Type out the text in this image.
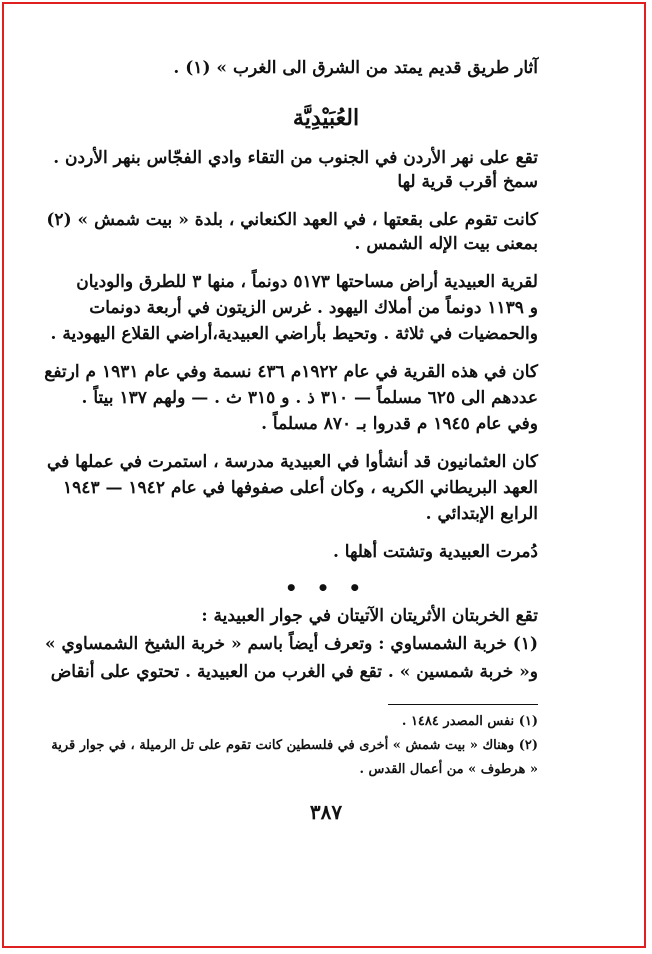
آثار طريق قديم يمتد من الشرق الى الغرب » (١) .
العُبَيْدِيَّة
تقع على نهر الأردن في الجنوب من التقاء وادي الفجّاس بنهر الأردن .
سمخ أقرب قرية لها
كانت تقوم على بقعتها ، في العهد الكنعاني ، بلدة « بيت شمش » (٢)
بمعنى بيت الإله الشمس .
لقرية العبيدية أراض مساحتها ٥١٧٣ دونماً ، منها ٣ للطرق والوديان
و ١١٣٩ دونماً من أملاك اليهود . غرس الزيتون في أربعة دونمات
والحمضيات في ثلاثة . وتحيط بأراضي العبيدية،أراضي القلاع اليهودية .
كان في هذه القرية في عام ١٩٢٢م ٤٣٦ نسمة وفي عام ١٩٣١ م ارتفع
عددهم الى ٦٢٥ مسلماً — ٣١٠ ذ . و ٣١٥ ث . — ولهم ١٣٧ بيتاً .
وفي عام ١٩٤٥ م قدروا بـ ٨٧٠ مسلماً .
كان العثمانيون قد أنشأوا في العبيدية مدرسة ، استمرت في عملها في
العهد البريطاني الكريه ، وكان أعلى صفوفها في عام ١٩٤٢ — ١٩٤٣
الرابع الإبتدائي .
دُمرت العبيدية وتشتت أهلها .
• • •
تقع الخربتان الأثريتان الآتيتان في جوار العبيدية :
(١) خربة الشمساوي : وتعرف أيضاً باسم « خربة الشيخ الشمساوي »
و« خربة شمسين » . تقع في الغرب من العبيدية . تحتوي على أنقاض
(١) نفس المصدر ١٤٨٤ .
(٢) وهناك « بيت شمش » أخرى في فلسطين كانت تقوم على تل الرميلة ، في جوار قرية
« هرطوف » من أعمال القدس .
٣٨٧
